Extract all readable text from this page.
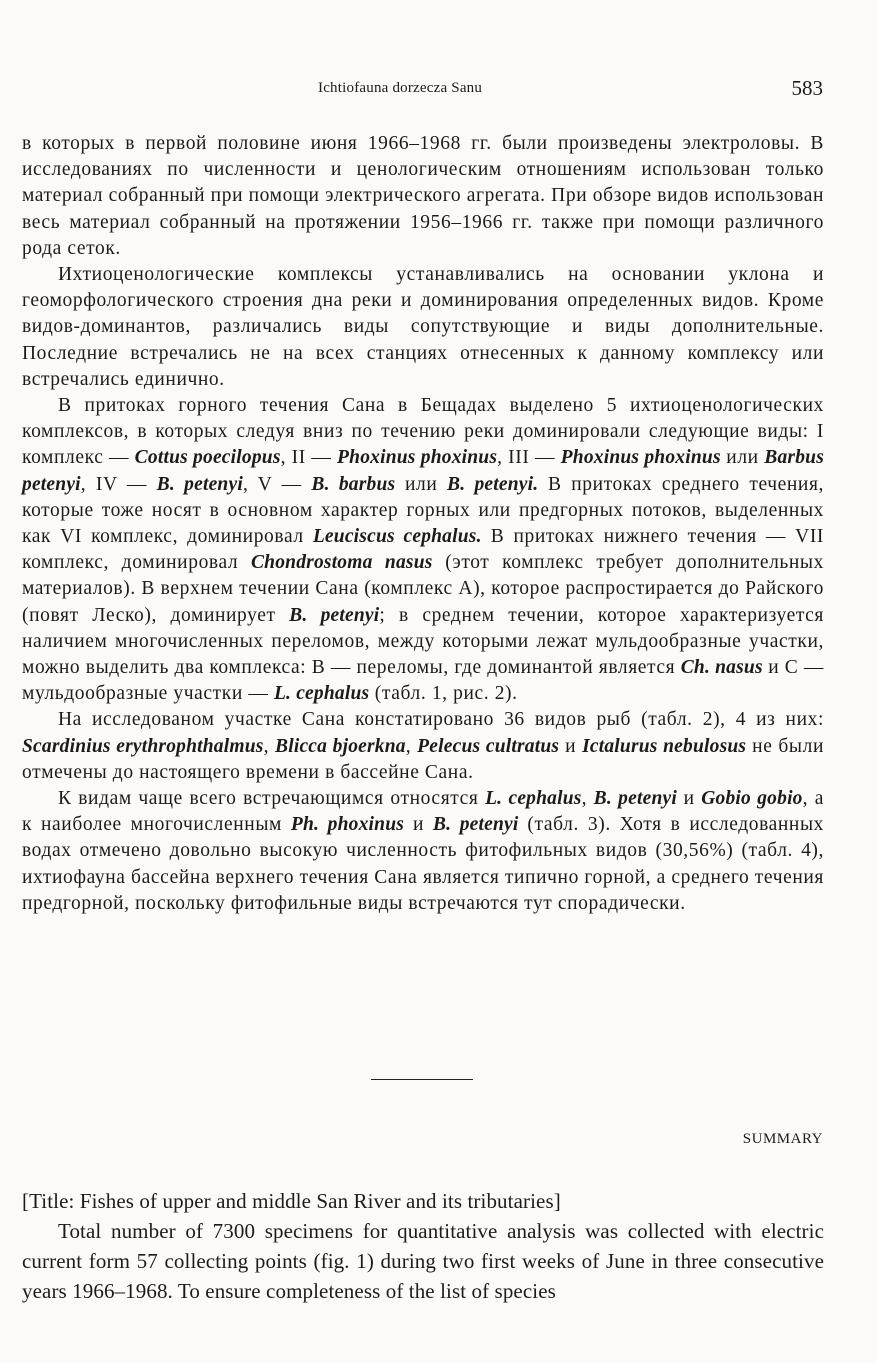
Ichtiofauna dorzecza Sanu	583

в которых в первой половине июня 1966–1968 гг. были произведены электроловы. В исследованиях по численности и ценологическим отношениям использован только материал собранный при помощи электрического агрегата. При обзоре видов использован весь материал собранный на протяжении 1956–1966 гг. также при помощи различного рода сеток.

Ихтиоценологические комплексы устанавливались на основании уклона и геоморфологического строения дна реки и доминирования определенных видов. Кроме видов-доминантов, различались виды сопутствующие и виды дополнительные. Последние встречались не на всех станциях отнесенных к данному комплексу или встречались единично.

В притоках горного течения Сана в Бещадах выделено 5 ихтиоценологических комплексов, в которых следуя вниз по течению реки доминировали следующие виды: I комплекс — Cottus poecilopus, II — Phoxinus phoxinus, III — Phoxinus phoxinus или Barbus petenyi, IV — B. petenyi, V — B. barbus или B. petenyi. В притоках среднего течения, которые тоже носят в основном характер горных или предгорных потоков, выделенных как VI комплекс, доминировал Leuciscus cephalus. В притоках нижнего течения — VII комплекс, доминировал Chondrostoma nasus (этот комплекс требует дополнительных материалов). В верхнем течении Сана (комплекс А), которое распростирается до Райского (повят Леско), доминирует B. petenyi; в среднем течении, которое характеризуется наличием многочисленных переломов, между которыми лежат мульдообразные участки, можно выделить два комплекса: В — переломы, где доминантой является Ch. nasus и С — мульдообразные участки — L. cephalus (табл. 1, рис. 2).

На исследованом участке Сана констатировано 36 видов рыб (табл. 2), 4 из них: Scardinius erythrophthalmus, Blicca bjoerkna, Pelecus cultratus и Ictalurus nebulosus не были отмечены до настоящего времени в бассейне Сана.

К видам чаще всего встречающимся относятся L. cephalus, B. petenyi и Gobio gobio, а к наиболее многочисленным Ph. phoxinus и B. petenyi (табл. 3). Хотя в исследованных водах отмечено довольно высокую численность фитофильных видов (30,56%) (табл. 4), ихтиофауна бассейна верхнего течения Сана является типично горной, а среднего течения предгорной, поскольку фитофильные виды встречаются тут спорадически.

SUMMARY

[Title: Fishes of upper and middle San River and its tributaries]

Total number of 7300 specimens for quantitative analysis was collected with electric current form 57 collecting points (fig. 1) during two first weeks of June in three consecutive years 1966–1968. To ensure completeness of the list of species
